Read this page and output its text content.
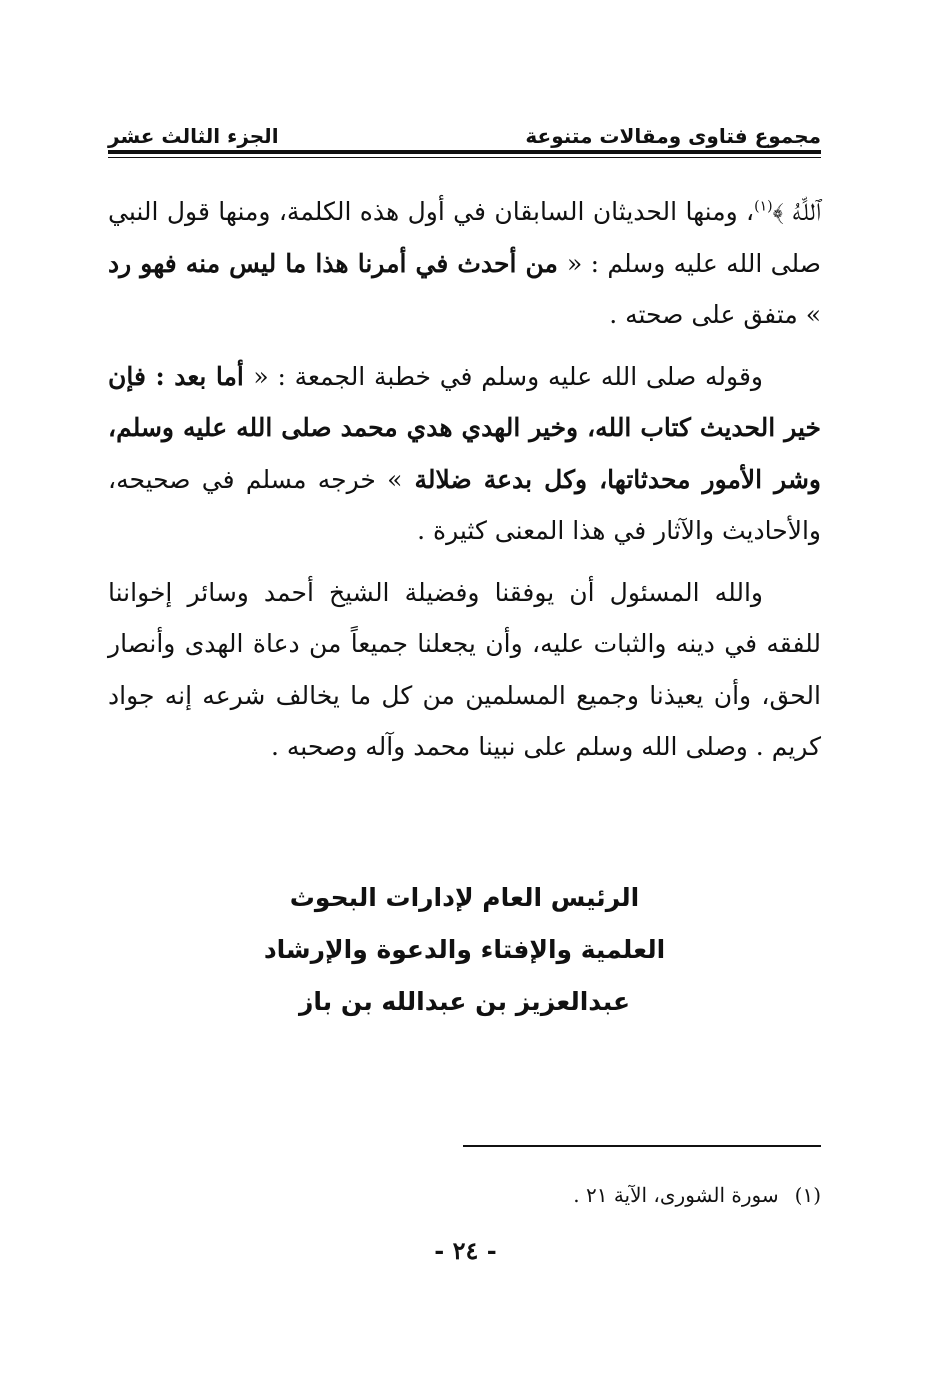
مجموع فتاوى ومقالات متنوعة
الجزء الثالث عشر

ﭐﻟﻠَّﻪُ ﴾$^{(١)}$، ومنها الحديثان السابقان في أول هذه الكلمة، ومنها قول النبي صلى الله عليه وسلم : « من أحدث في أمرنا هذا ما ليس منه فهو رد » متفق على صحته .

وقوله صلى الله عليه وسلم في خطبة الجمعة : « أما بعد : فإن خير الحديث كتاب الله، وخير الهدي هدي محمد صلى الله عليه وسلم، وشر الأمور محدثاتها، وكل بدعة ضلالة » خرجه مسلم في صحيحه، والأحاديث والآثار في هذا المعنى كثيرة .

والله المسئول أن يوفقنا وفضيلة الشيخ أحمد وسائر إخواننا للفقه في دينه والثبات عليه، وأن يجعلنا جميعاً من دعاة الهدى وأنصار الحق، وأن يعيذنا وجميع المسلمين من كل ما يخالف شرعه إنه جواد كريم . وصلى الله وسلم على نبينا محمد وآله وصحبه .

الرئيس العام لإدارات البحوث
العلمية والإفتاء والدعوة والإرشاد
عبدالعزيز بن عبدالله بن باز
(١)
سورة الشورى، الآية ٢١ .
- ٢٤ -
